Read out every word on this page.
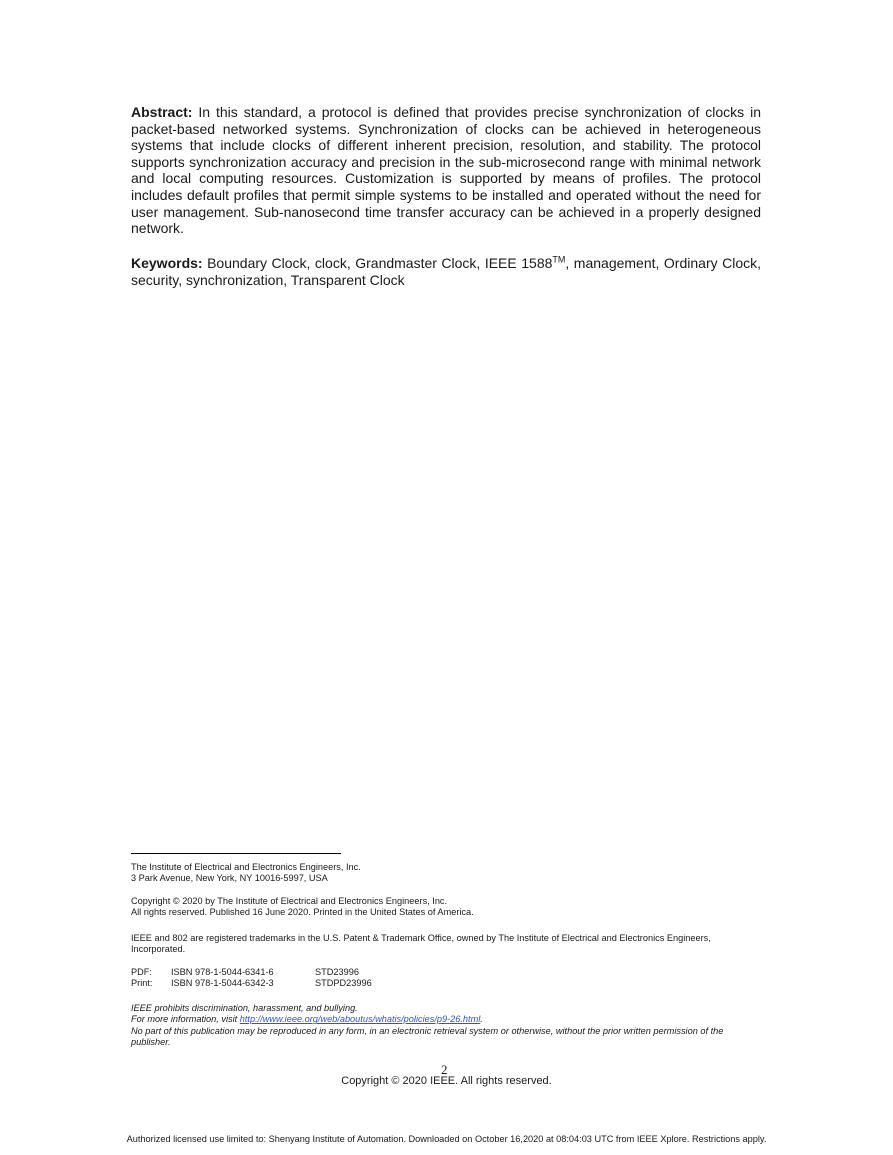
Abstract: In this standard, a protocol is defined that provides precise synchronization of clocks in packet-based networked systems. Synchronization of clocks can be achieved in heterogeneous systems that include clocks of different inherent precision, resolution, and stability. The protocol supports synchronization accuracy and precision in the sub-microsecond range with minimal network and local computing resources. Customization is supported by means of profiles. The protocol includes default profiles that permit simple systems to be installed and operated without the need for user management. Sub-nanosecond time transfer accuracy can be achieved in a properly designed network.

Keywords: Boundary Clock, clock, Grandmaster Clock, IEEE 1588™, management, Ordinary Clock, security, synchronization, Transparent Clock

The Institute of Electrical and Electronics Engineers, Inc.

3 Park Avenue, New York, NY 10016-5997, USA

Copyright © 2020 by The Institute of Electrical and Electronics Engineers, Inc.

All rights reserved. Published 16 June 2020. Printed in the United States of America.

IEEE and 802 are registered trademarks in the U.S. Patent & Trademark Office, owned by The Institute of Electrical and Electronics Engineers, Incorporated.

PDF:	ISBN 978-1-5044-6341-6	STD23996
Print:	ISBN 978-1-5044-6342-3	STDPD23996

IEEE prohibits discrimination, harassment, and bullying.

For more information, visit http://www.ieee.org/web/aboutus/whatis/policies/p9-26.html.

No part of this publication may be reproduced in any form, in an electronic retrieval system or otherwise, without the prior written permission of the publisher.

2
Copyright © 2020 IEEE. All rights reserved.
Authorized licensed use limited to: Shenyang Institute of Automation. Downloaded on October 16,2020 at 08:04:03 UTC from IEEE Xplore. Restrictions apply.
